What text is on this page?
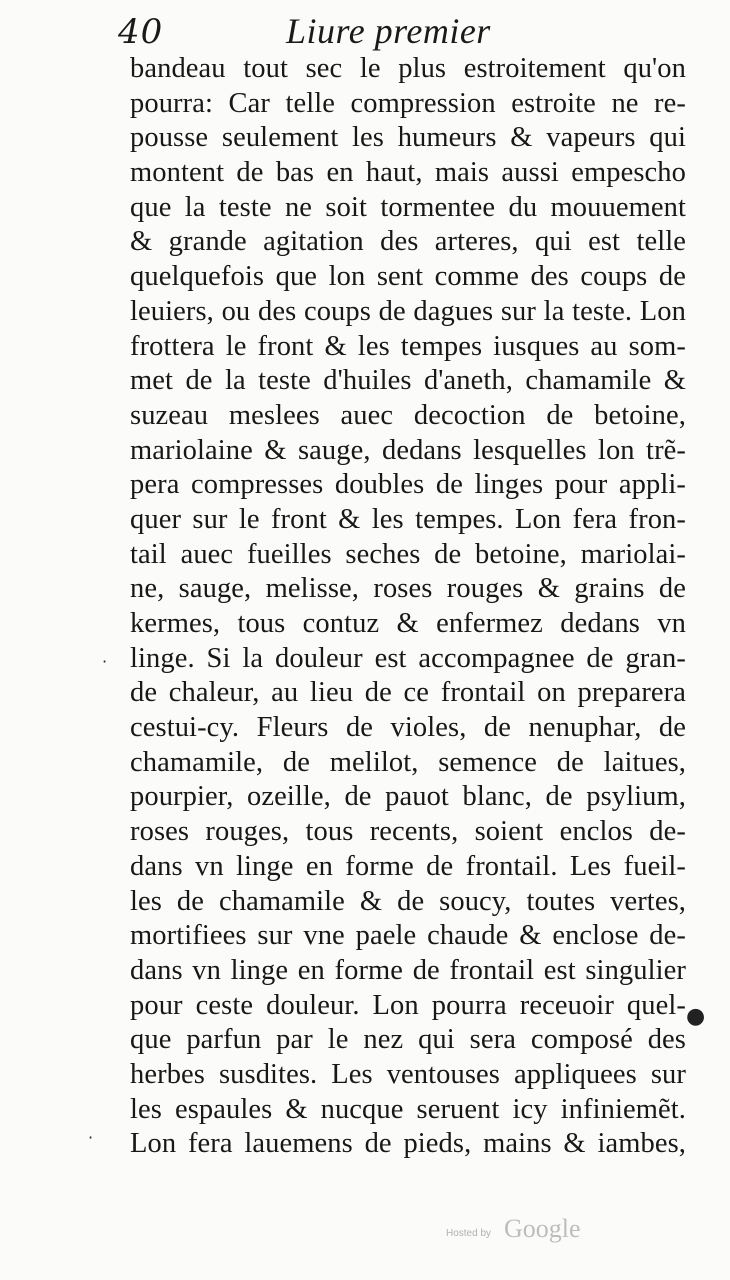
40	Liure premier
bandeau tout sec le plus estroitement qu'on
pourra: Car telle compression estroite ne re-
pousse seulement les humeurs & vapeurs qui
montent de bas en haut, mais aussi empescho
que la teste ne soit tormentee du mouuement
& grande agitation des arteres, qui est telle
quelquefois que lon sent comme des coups de
leuiers, ou des coups de dagues sur la teste. Lon
frottera le front & les tempes iusques au som-
met de la teste d'huiles d'aneth, chamamile &
suzeau meslees auec decoction de betoine,
mariolaine & sauge, dedans lesquelles lon trẽ-
pera compresses doubles de linges pour appli-
quer sur le front & les tempes. Lon fera fron-
tail auec fueilles seches de betoine, mariolai-
ne, sauge, melisse, roses rouges & grains de
kermes, tous contuz & enfermez dedans vn
linge. Si la douleur est accompagnee de gran-
de chaleur, au lieu de ce frontail on preparera
cestui-cy. Fleurs de violes, de nenuphar, de
chamamile, de melilot, semence de laitues,
pourpier, ozeille, de pauot blanc, de psylium,
roses rouges, tous recents, soient enclos de-
dans vn linge en forme de frontail. Les fueil-
les de chamamile & de soucy, toutes vertes,
mortifiees sur vne paele chaude & enclose de-
dans vn linge en forme de frontail est singulier
pour ceste douleur. Lon pourra receuoir quel-
que parfun par le nez qui sera composé des
herbes susdites. Les ventouses appliquees sur
les espaules & nucque seruent icy infiniemẽt.
Lon fera lauemens de pieds, mains & iambes,
·
·
●
Hosted by Google
